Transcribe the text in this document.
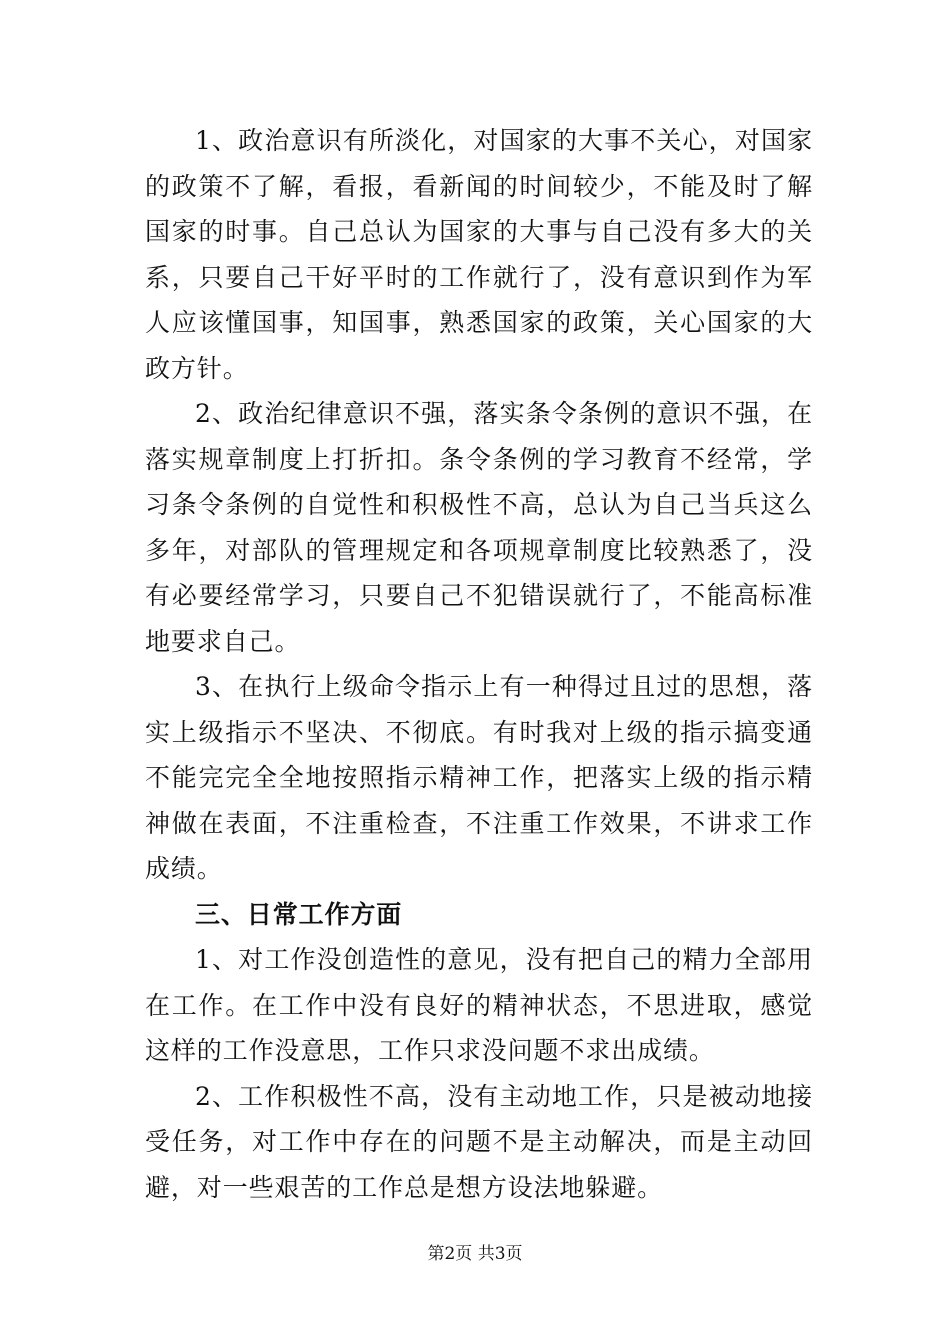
1、政治意识有所淡化，对国家的大事不关心，对国家的政策不了解，看报，看新闻的时间较少，不能及时了解国家的时事。自己总认为国家的大事与自己没有多大的关系，只要自己干好平时的工作就行了，没有意识到作为军人应该懂国事，知国事，熟悉国家的政策，关心国家的大政方针。

2、政治纪律意识不强，落实条令条例的意识不强，在落实规章制度上打折扣。条令条例的学习教育不经常，学习条令条例的自觉性和积极性不高，总认为自己当兵这么多年，对部队的管理规定和各项规章制度比较熟悉了，没有必要经常学习，只要自己不犯错误就行了，不能高标准地要求自己。

3、在执行上级命令指示上有一种得过且过的思想，落实上级指示不坚决、不彻底。有时我对上级的指示搞变通不能完完全全地按照指示精神工作，把落实上级的指示精神做在表面，不注重检查，不注重工作效果，不讲求工作成绩。

三、日常工作方面

1、对工作没创造性的意见，没有把自己的精力全部用在工作。在工作中没有良好的精神状态，不思进取，感觉这样的工作没意思，工作只求没问题不求出成绩。

2、工作积极性不高，没有主动地工作，只是被动地接受任务，对工作中存在的问题不是主动解决，而是主动回避，对一些艰苦的工作总是想方设法地躲避。

第2页 共3页
